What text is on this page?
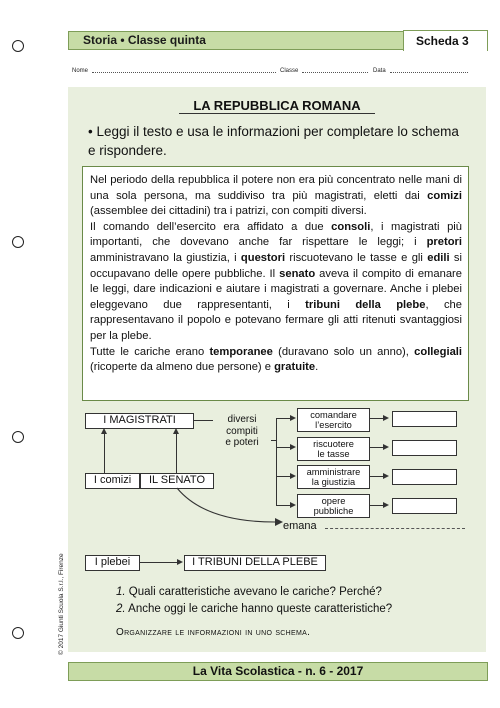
Storia • Classe quinta	Scheda 3
Nome	Classe	Data
LA REPUBBLICA ROMANA
• Leggi il testo e usa le informazioni per completare lo schema e rispondere.
Nel periodo della repubblica il potere non era più concentrato nelle mani di una sola persona, ma suddiviso tra più magistrati, eletti dai comizi (assemblee dei cittadini) tra i patrizi, con compiti diversi.
Il comando dell’esercito era affidato a due consoli, i magistrati più importanti, che dovevano anche far rispettare le leggi; i pretori amministravano la giustizia, i questori riscuotevano le tasse e gli edili si occupavano delle opere pubbliche. Il senato aveva il compito di emanare le leggi, dare indicazioni e aiutare i magistrati a governare. Anche i plebei eleggevano due rappresentanti, i tribuni della plebe, che rappresentavano il popolo e potevano fermare gli atti ritenuti svantaggiosi per la plebe.
Tutte le cariche erano temporanee (duravano solo un anno), collegiali (ricoperte da almeno due persone) e gratuite.
I MAGISTRATI	diversi
compiti
e poteri
comandare
l’esercito
riscuotere
le tasse
amministrare
la giustizia
opere
pubbliche
I comizi	IL SENATO
emana
I plebei	I TRIBUNI DELLA PLEBE
1. Quali caratteristiche avevano le cariche? Perché?
2. Anche oggi le cariche hanno queste caratteristiche?
Organizzare le informazioni in uno schema.
La Vita Scolastica - n. 6 - 2017
© 2017 Giunti Scuola S.r.l., Firenze
